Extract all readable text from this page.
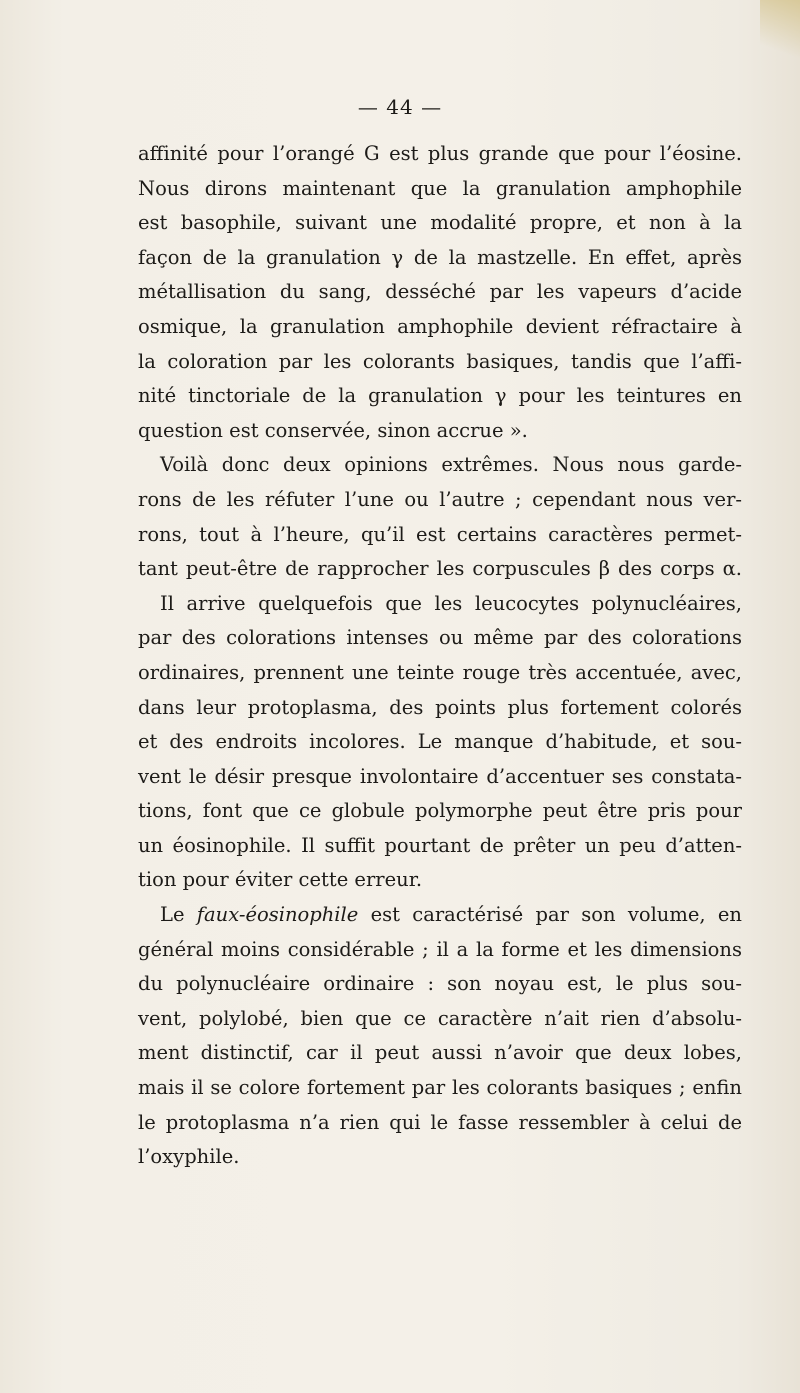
— 44 —
affinité pour l’orangé G est plus grande que pour l’éosine.
Nous dirons maintenant que la granulation amphophile
est basophile, suivant une modalité propre, et non à la
façon de la granulation γ de la mastzelle. En effet, après
métallisation du sang, desséché par les vapeurs d’acide
osmique, la granulation amphophile devient réfractaire à
la coloration par les colorants basiques, tandis que l’affi-
nité tinctoriale de la granulation γ pour les teintures en
question est conservée, sinon accrue ».
Voilà donc deux opinions extrêmes. Nous nous garde-
rons de les réfuter l’une ou l’autre ; cependant nous ver-
rons, tout à l’heure, qu’il est certains caractères permet-
tant peut-être de rapprocher les corpuscules β des corps α.
Il arrive quelquefois que les leucocytes polynucléaires,
par des colorations intenses ou même par des colorations
ordinaires, prennent une teinte rouge très accentuée, avec,
dans leur protoplasma, des points plus fortement colorés
et des endroits incolores. Le manque d’habitude, et sou-
vent le désir presque involontaire d’accentuer ses constata-
tions, font que ce globule polymorphe peut être pris pour
un éosinophile. Il suffit pourtant de prêter un peu d’atten-
tion pour éviter cette erreur.
Le faux-éosinophile est caractérisé par son volume, en
général moins considérable ; il a la forme et les dimensions
du polynucléaire ordinaire : son noyau est, le plus sou-
vent, polylobé, bien que ce caractère n’ait rien d’absolu-
ment distinctif, car il peut aussi n’avoir que deux lobes,
mais il se colore fortement par les colorants basiques ; enfin
le protoplasma n’a rien qui le fasse ressembler à celui de
l’oxyphile.
